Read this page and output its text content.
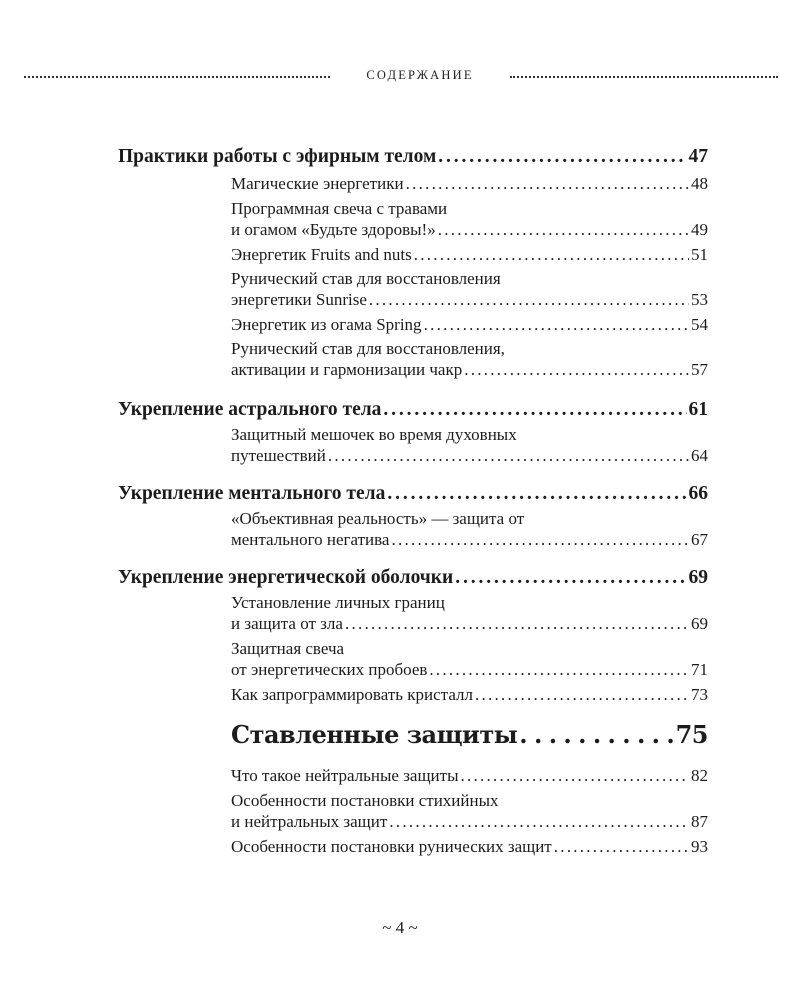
СОДЕРЖАНИЕ
Практики работы с эфирным телом . . .	47
Магические энергетики . . .	48
Программная свеча с травами
и огамом «Будьте здоровы!» . . .	49
Энергетик Fruits and nuts . . .	51
Рунический став для восстановления
энергетики Sunrise . . .	53
Энергетик из огама Spring . . .	54
Рунический став для восстановления,
активации и гармонизации чакр . . .	57
Укрепление астрального тела . . .	61
Защитный мешочек во время духовных
путешествий . . .	64
Укрепление ментального тела . . .	66
«Объективная реальность» — защита от
ментального негатива . . .	67
Укрепление энергетической оболочки . . .	69
Установление личных границ
и защита от зла . . .	69
Защитная свеча
от энергетических пробоев . . .	71
Как запрограммировать кристалл . . .	73
Ставленные защиты . . .	75
Что такое нейтральные защиты . . .	82
Особенности постановки стихийных
и нейтральных защит . . .	87
Особенности постановки рунических защит . . .	93
~ 4 ~
